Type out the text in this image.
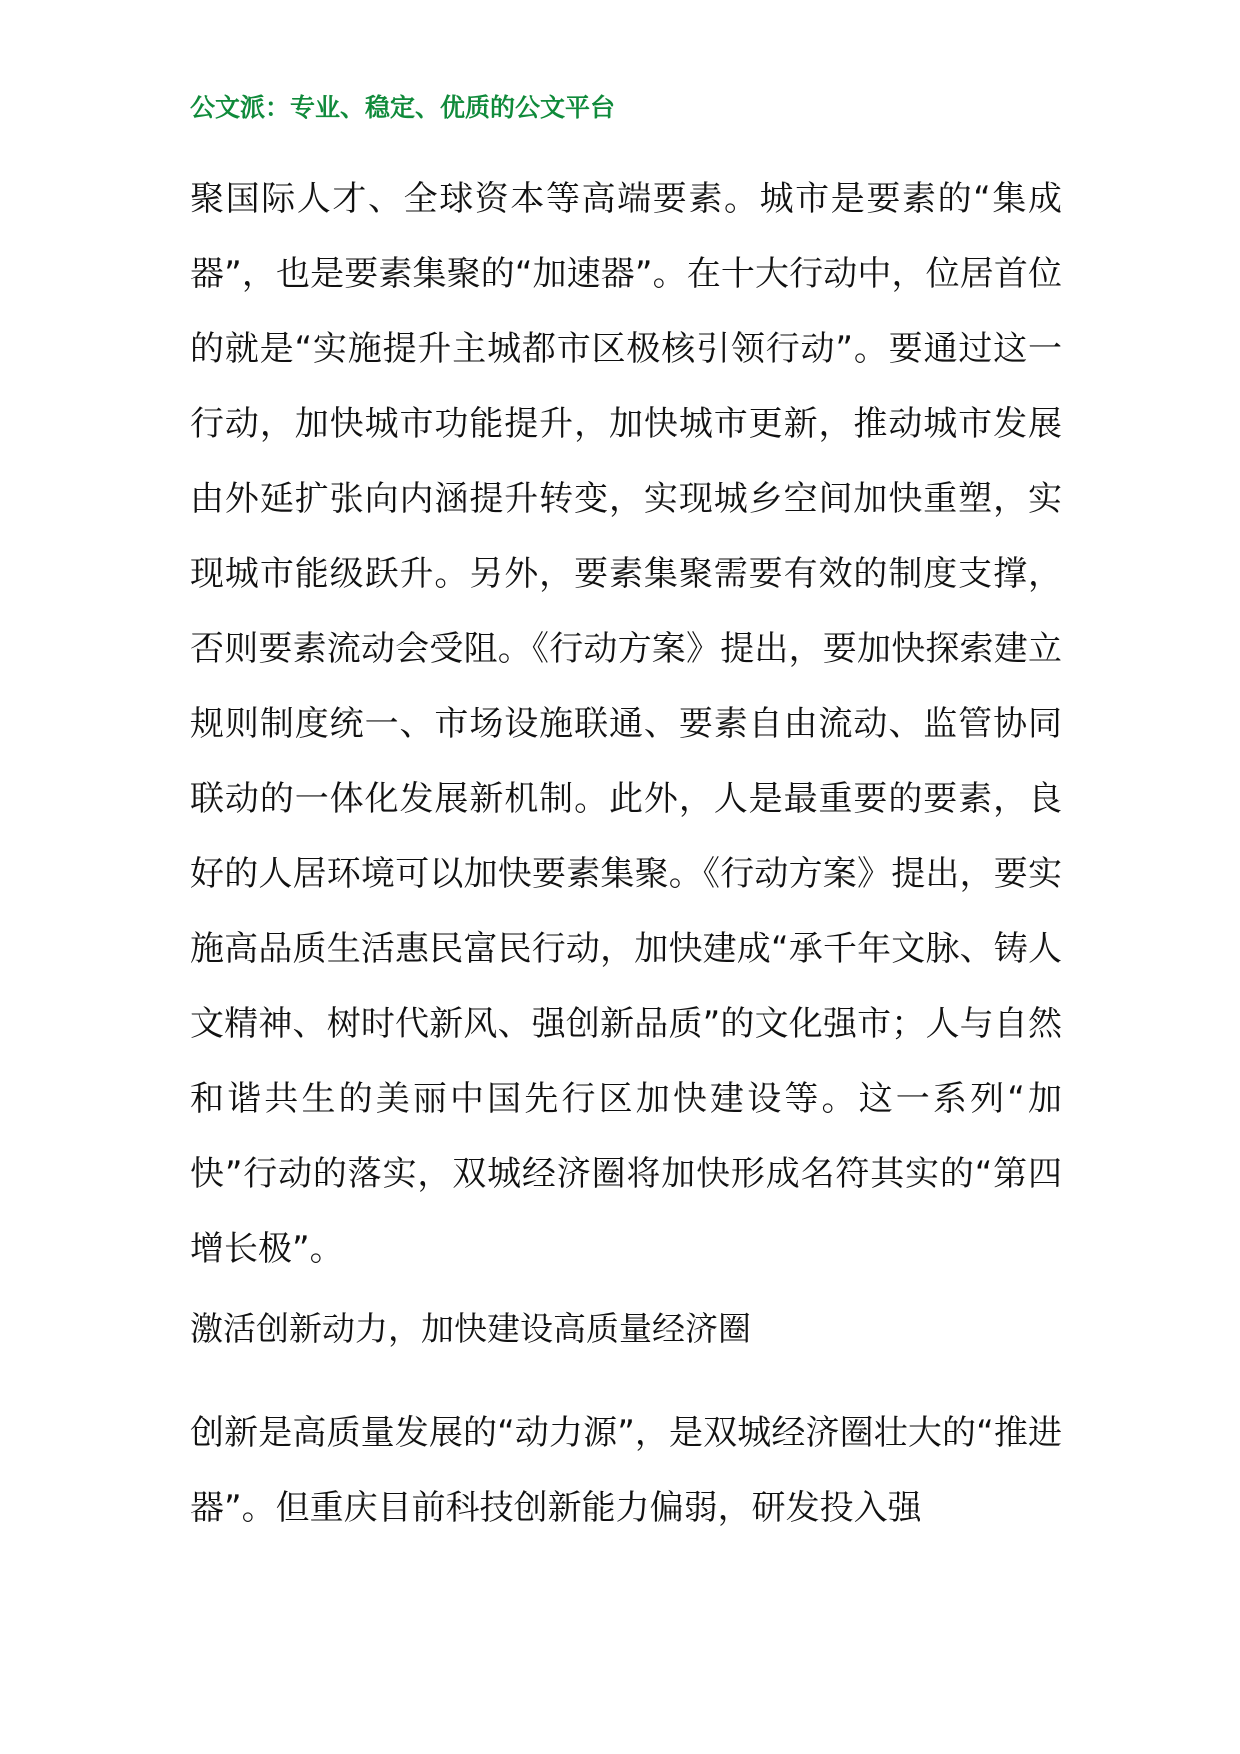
公文派：专业、稳定、优质的公文平台
聚国际人才、全球资本等高端要素。城市是要素的“集成器”，也是要素集聚的“加速器”。在十大行动中，位居首位的就是“实施提升主城都市区极核引领行动”。要通过这一行动，加快城市功能提升，加快城市更新，推动城市发展由外延扩张向内涵提升转变，实现城乡空间加快重塑，实现城市能级跃升。另外，要素集聚需要有效的制度支撑，否则要素流动会受阻。《行动方案》提出，要加快探索建立规则制度统一、市场设施联通、要素自由流动、监管协同联动的一体化发展新机制。此外，人是最重要的要素，良好的人居环境可以加快要素集聚。《行动方案》提出，要实施高品质生活惠民富民行动，加快建成“承千年文脉、铸人文精神、树时代新风、强创新品质”的文化强市；人与自然和谐共生的美丽中国先行区加快建设等。这一系列“加快”行动的落实，双城经济圈将加快形成名符其实的“第四增长极”。
激活创新动力，加快建设高质量经济圈
创新是高质量发展的“动力源”，是双城经济圈壮大的“推进器”。但重庆目前科技创新能力偏弱，研发投入强
